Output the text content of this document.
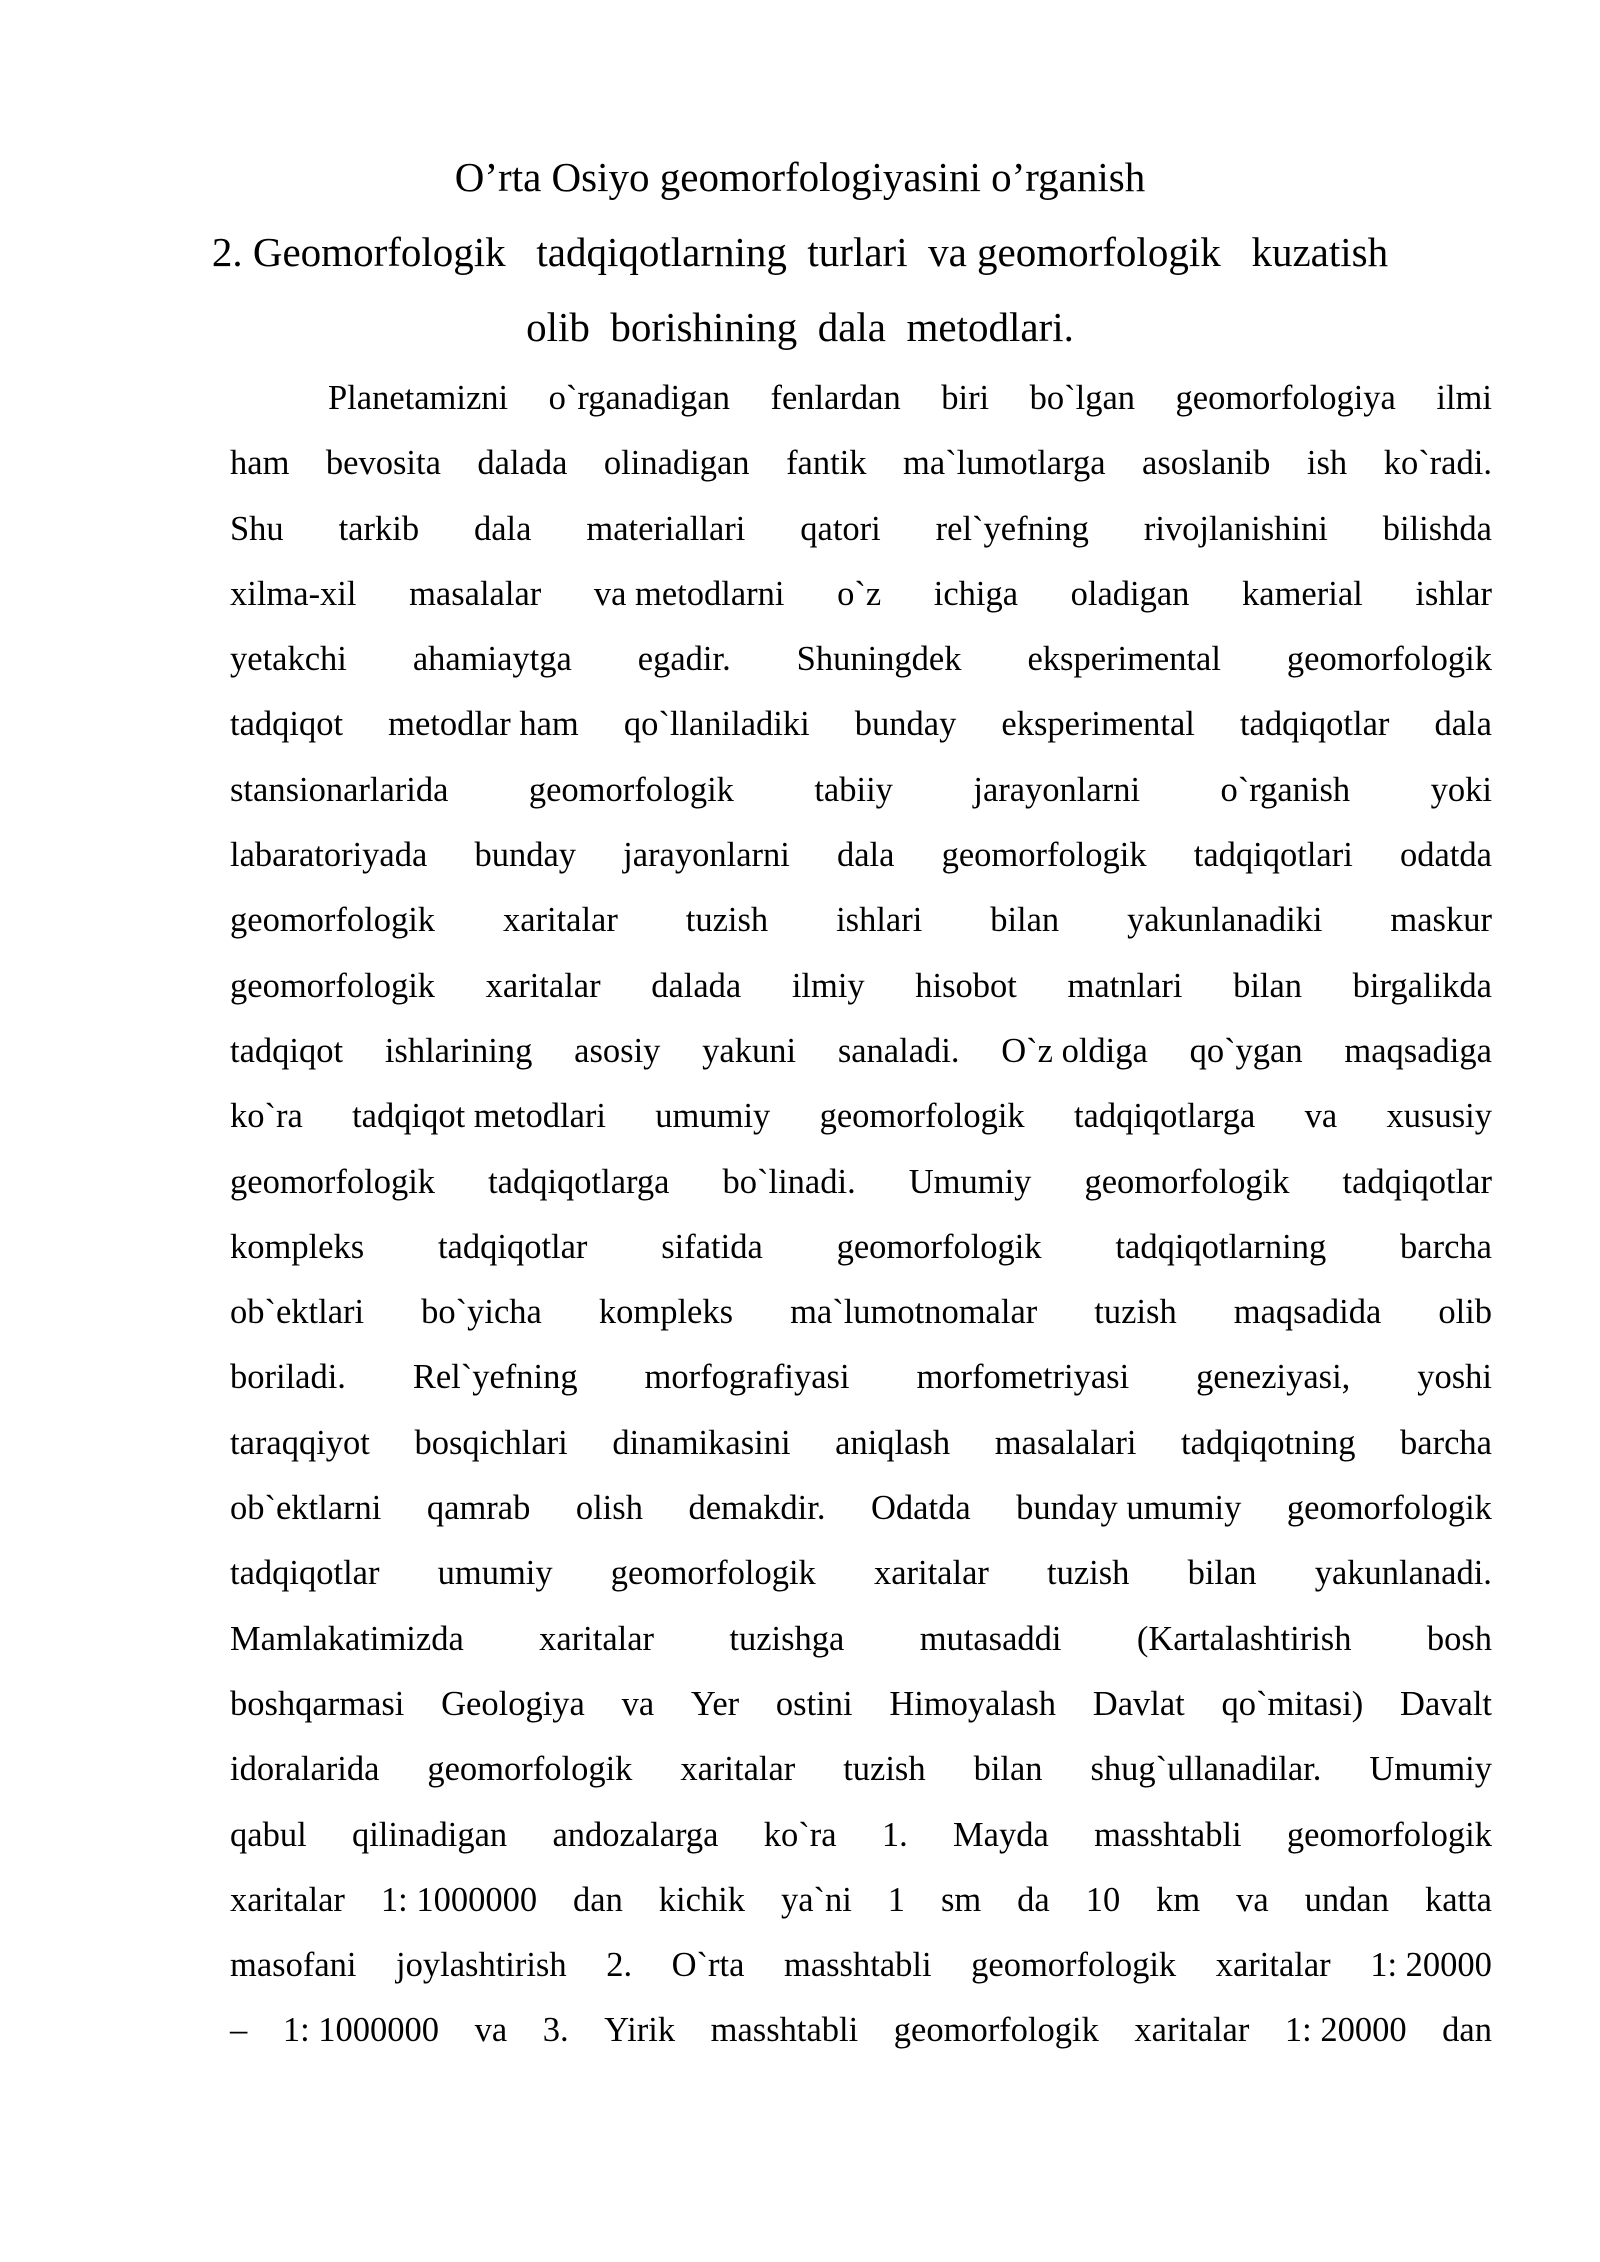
O’rta Osiyo geomorfologiyasini o’rganish
2. Geomorfologik   tadqiqotlarning  turlari  va geomorfologik   kuzatish
olib  borishining  dala  metodlari.
Planetamizni o`rganadigan fenlardan biri bo`lgan geomorfologiya ilmi
ham bevosita dalada olinadigan fantik ma`lumotlarga asoslanib ish ko`radi.
Shu tarkib dala materiallari qatori rel`yefning rivojlanishini bilishda
xilma-xil masalalar va metodlarni o`z ichiga oladigan kamerial ishlar
yetakchi ahamiaytga egadir. Shuningdek eksperimental geomorfologik
tadqiqot metodlar ham qo`llaniladiki bunday eksperimental tadqiqotlar dala
stansionarlarida geomorfologik tabiiy jarayonlarni o`rganish yoki
labaratoriyada bunday jarayonlarni dala geomorfologik tadqiqotlari odatda
geomorfologik xaritalar tuzish ishlari bilan yakunlanadiki maskur
geomorfologik xaritalar dalada ilmiy hisobot matnlari bilan birgalikda
tadqiqot ishlarining asosiy yakuni sanaladi. O`z oldiga qo`ygan maqsadiga
ko`ra tadqiqot metodlari umumiy geomorfologik tadqiqotlarga va xususiy
geomorfologik tadqiqotlarga bo`linadi. Umumiy geomorfologik tadqiqotlar
kompleks tadqiqotlar sifatida geomorfologik tadqiqotlarning barcha
ob`ektlari bo`yicha kompleks ma`lumotnomalar tuzish maqsadida olib
boriladi. Rel`yefning morfografiyasi morfometriyasi geneziyasi, yoshi
taraqqiyot bosqichlari dinamikasini aniqlash masalalari tadqiqotning barcha
ob`ektlarni qamrab olish demakdir. Odatda bunday umumiy geomorfologik
tadqiqotlar umumiy geomorfologik xaritalar tuzish bilan yakunlanadi.
Mamlakatimizda xaritalar tuzishga mutasaddi (Kartalashtirish bosh
boshqarmasi Geologiya va Yer ostini Himoyalash Davlat qo`mitasi) Davalt
idoralarida geomorfologik xaritalar tuzish bilan shug`ullanadilar. Umumiy
qabul qilinadigan andozalarga ko`ra 1. Mayda masshtabli geomorfologik
xaritalar 1: 1000000 dan kichik ya`ni 1 sm da 10 km va undan katta
masofani joylashtirish 2. O`rta masshtabli geomorfologik xaritalar 1: 20000
– 1: 1000000 va 3. Yirik masshtabli geomorfologik xaritalar 1: 20000 dan
